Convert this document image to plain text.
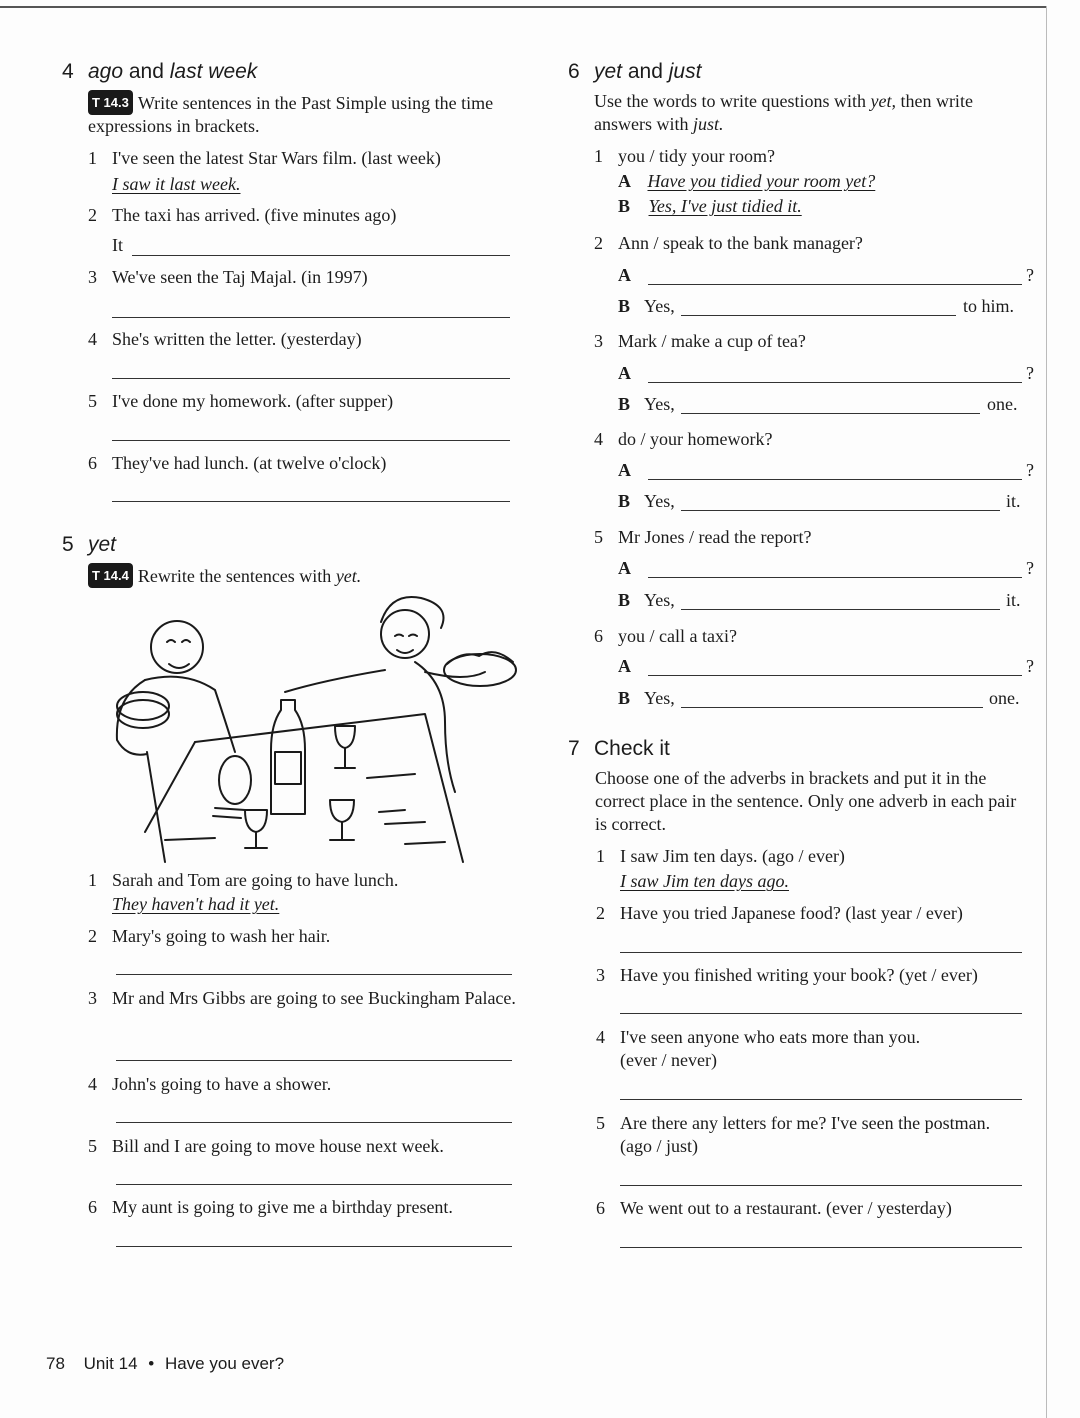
4 ago and last week
T 14.3 Write sentences in the Past Simple using the time expressions in brackets.
1 I've seen the latest Star Wars film. (last week)
I saw it last week.
2 The taxi has arrived. (five minutes ago)
It
3 We've seen the Taj Majal. (in 1997)
4 She's written the letter. (yesterday)
5 I've done my homework. (after supper)
6 They've had lunch. (at twelve o'clock)
5 yet
T 14.4 Rewrite the sentences with yet.
1 Sarah and Tom are going to have lunch.
They haven't had it yet.
2 Mary's going to wash her hair.
3 Mr and Mrs Gibbs are going to see Buckingham Palace.
4 John's going to have a shower.
5 Bill and I are going to move house next week.
6 My aunt is going to give me a birthday present.
6 yet and just
Use the words to write questions with yet, then write answers with just.
1 you / tidy your room?
A Have you tidied your room yet?
B Yes, I've just tidied it.
2 Ann / speak to the bank manager?
A	?
B Yes,	to him.
3 Mark / make a cup of tea?
A	?
B Yes,	one.
4 do / your homework?
A	?
B Yes,	it.
5 Mr Jones / read the report?
A	?
B Yes,	it.
6 you / call a taxi?
A	?
B Yes,	one.
7 Check it
Choose one of the adverbs in brackets and put it in the correct place in the sentence. Only one adverb in each pair is correct.
1 I saw Jim ten days. (ago / ever)
I saw Jim ten days ago.
2 Have you tried Japanese food? (last year / ever)
3 Have you finished writing your book? (yet / ever)
4 I've seen anyone who eats more than you. (ever / never)
5 Are there any letters for me? I've seen the postman. (ago / just)
6 We went out to a restaurant. (ever / yesterday)
78 Unit 14 • Have you ever?
